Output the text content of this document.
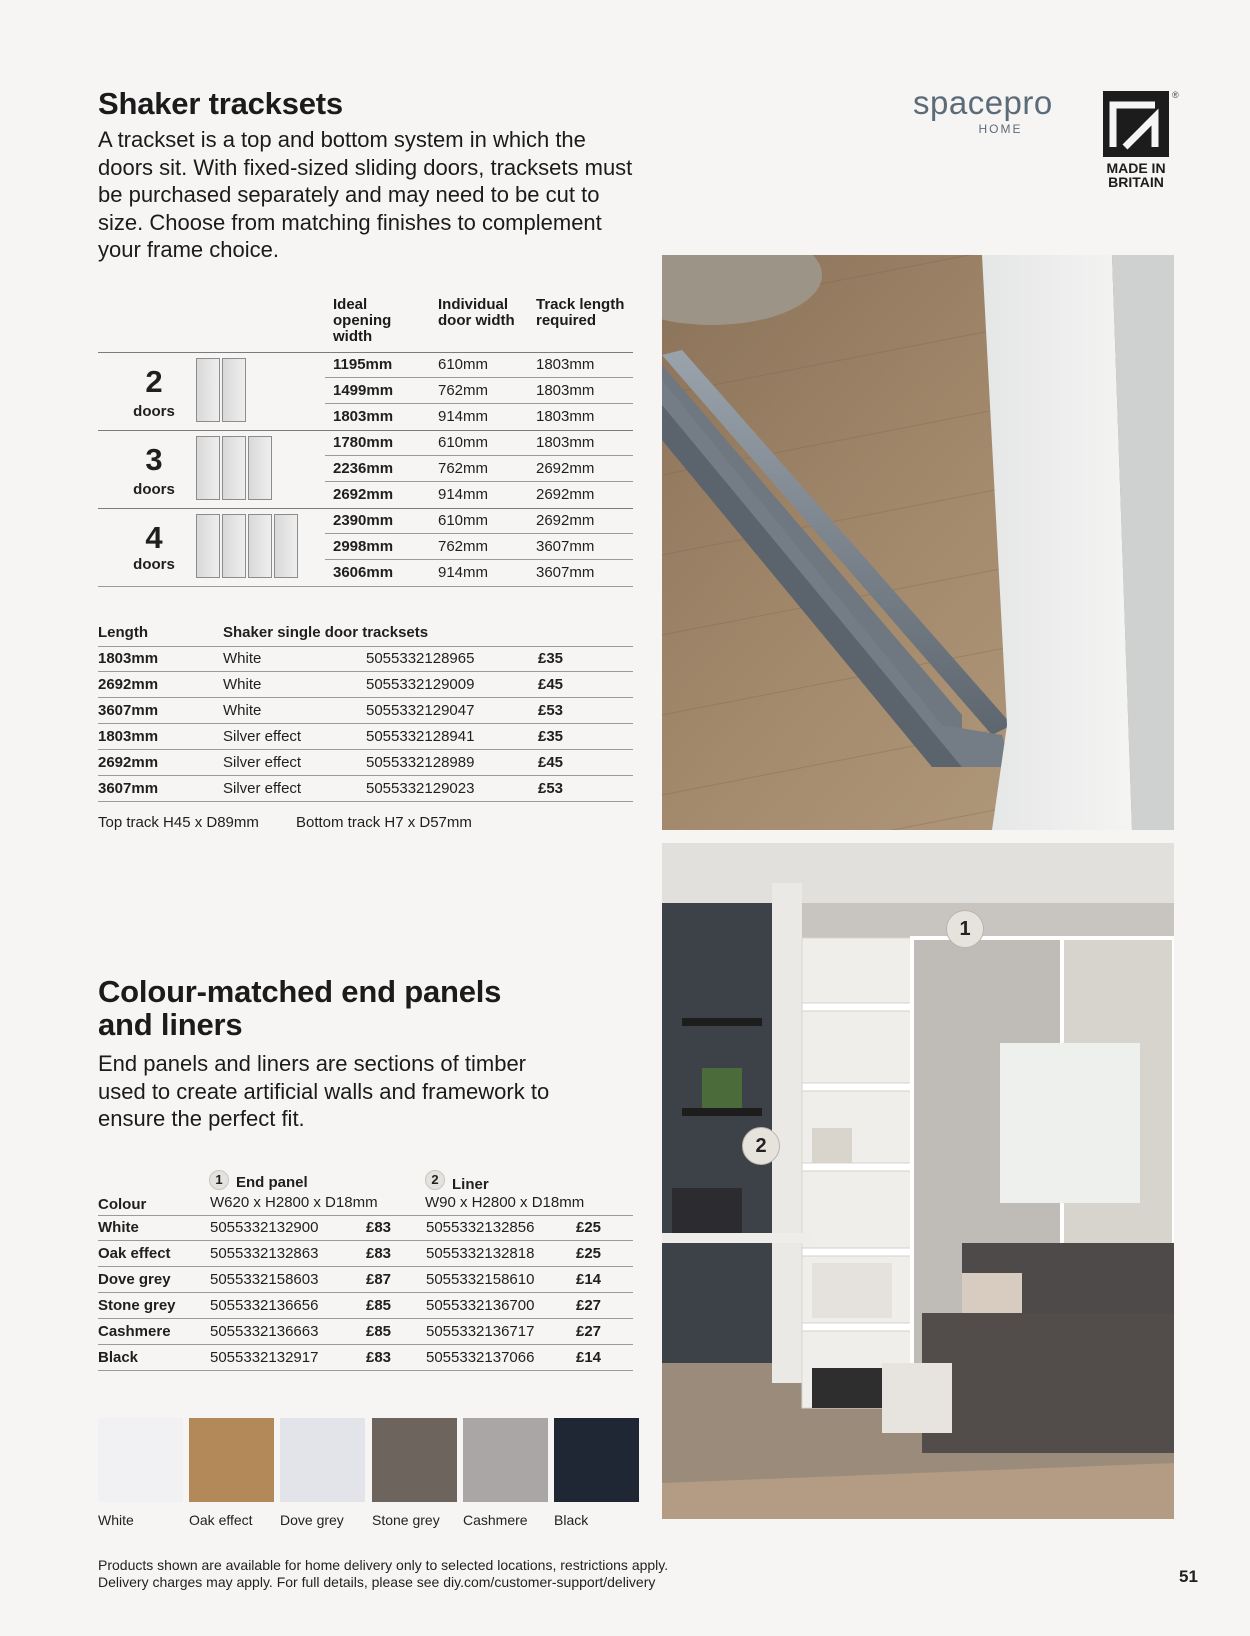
Shaker tracksets

A trackset is a top and bottom system in which the doors sit. With fixed-sized sliding doors, tracksets must be purchased separately and may need to be cut to size. Choose from matching finishes to complement your frame choice.

spacepro
HOME
MADE IN
BRITAIN
®
Ideal opening width
Individual door width
Track length required
2
doors
3
doors
4
doors
1195mm	610mm	1803mm
1499mm	762mm	1803mm
1803mm	914mm	1803mm
1780mm	610mm	1803mm
2236mm	762mm	2692mm
2692mm	914mm	2692mm
2390mm	610mm	2692mm
2998mm	762mm	3607mm
3606mm	914mm	3607mm
Length	Shaker single door tracksets
1803mm	White	5055332128965	£35
2692mm	White	5055332129009	£45
3607mm	White	5055332129047	£53
1803mm	Silver effect	5055332128941	£35
2692mm	Silver effect	5055332128989	£45
3607mm	Silver effect	5055332129023	£53
Top track H45 x D89mm Bottom track H7 x D57mm
Colour-matched end panels
and liners

End panels and liners are sections of timber used to create artificial walls and framework to ensure the perfect fit.

1 End panel
W620 x H2800 x D18mm
2 Liner
W90 x H2800 x D18mm
Colour
White	5055332132900	£83 5055332132856	£25
Oak effect	5055332132863	£83 5055332132818	£25
Dove grey	5055332158603	£87 5055332158610	£14
Stone grey 5055332136656	£85 5055332136700	£27
Cashmere	5055332136663	£85 5055332136717	£27
Black	5055332132917	£83 5055332137066	£14
White	Oak effect Dove grey Stone grey Cashmere Black
Products shown are available for home delivery only to selected locations, restrictions apply.
Delivery charges may apply. For full details, please see diy.com/customer-support/delivery	51
1
2
